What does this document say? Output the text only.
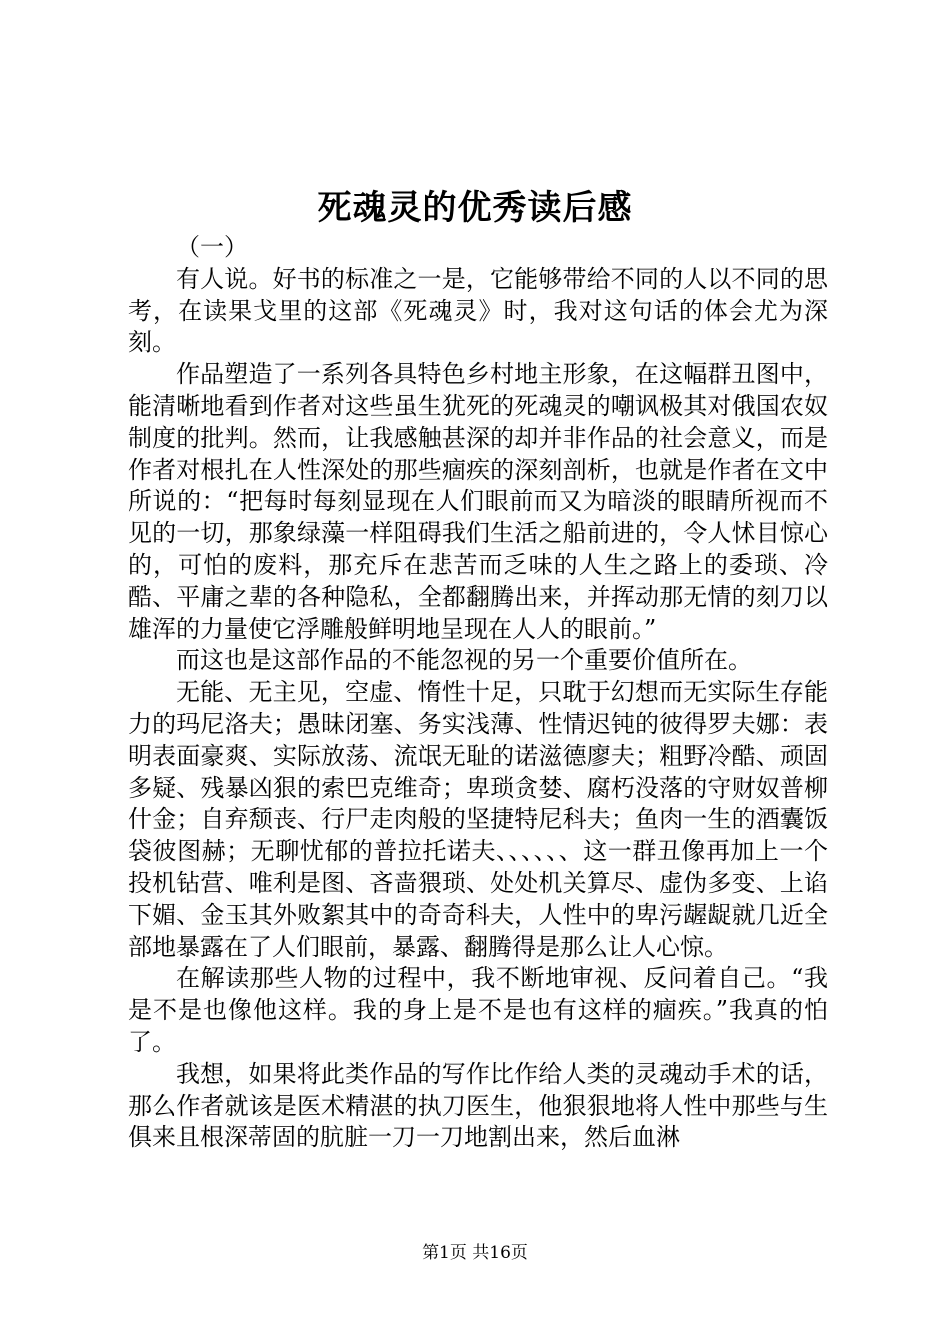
死魂灵的优秀读后感

（一）

有人说。好书的标准之一是，它能够带给不同的人以不同的思考，在读果戈里的这部《死魂灵》时，我对这句话的体会尤为深刻。

作品塑造了一系列各具特色乡村地主形象，在这幅群丑图中，能清晰地看到作者对这些虽生犹死的死魂灵的嘲讽极其对俄国农奴制度的批判。然而，让我感触甚深的却并非作品的社会意义，而是作者对根扎在人性深处的那些痼疾的深刻剖析，也就是作者在文中所说的：“把每时每刻显现在人们眼前而又为暗淡的眼睛所视而不见的一切，那象绿藻一样阻碍我们生活之船前进的，令人怵目惊心的，可怕的废料，那充斥在悲苦而乏味的人生之路上的委琐、冷酷、平庸之辈的各种隐私，全都翻腾出来，并挥动那无情的刻刀以雄浑的力量使它浮雕般鲜明地呈现在人人的眼前。”

而这也是这部作品的不能忽视的另一个重要价值所在。

无能、无主见，空虚、惰性十足，只耽于幻想而无实际生存能力的玛尼洛夫；愚昧闭塞、务实浅薄、性情迟钝的彼得罗夫娜：表明表面豪爽、实际放荡、流氓无耻的诺滋德廖夫；粗野冷酷、顽固多疑、残暴凶狠的索巴克维奇；卑琐贪婪、腐朽没落的守财奴普柳什金；自弃颓丧、行尸走肉般的坚捷特尼科夫；鱼肉一生的酒囊饭袋彼图赫；无聊忧郁的普拉托诺夫、、、、、、这一群丑像再加上一个投机钻营、唯利是图、吝啬猥琐、处处机关算尽、虚伪多变、上谄下媚、金玉其外败絮其中的奇奇科夫，人性中的卑污龌龊就几近全部地暴露在了人们眼前，暴露、翻腾得是那么让人心惊。

在解读那些人物的过程中，我不断地审视、反问着自己。“我是不是也像他这样。我的身上是不是也有这样的痼疾。”我真的怕了。

我想，如果将此类作品的写作比作给人类的灵魂动手术的话，那么作者就该是医术精湛的执刀医生，他狠狠地将人性中那些与生俱来且根深蒂固的肮脏一刀一刀地割出来，然后血淋

第1页 共16页
